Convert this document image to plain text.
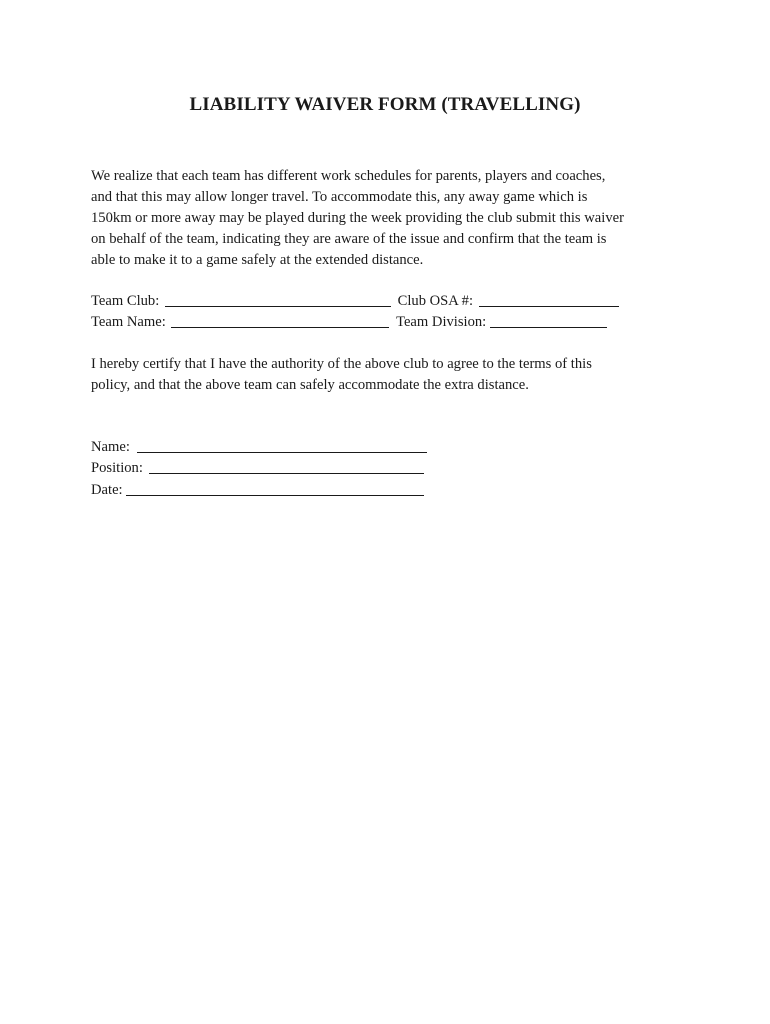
LIABILITY WAIVER FORM (TRAVELLING)

We realize that each team has different work schedules for parents, players and coaches,
and that this may allow longer travel. To accommodate this, any away game which is
150km or more away may be played during the week providing the club submit this waiver
on behalf of the team, indicating they are aware of the issue and confirm that the team is
able to make it to a game safely at the extended distance.

Team Club:	Club OSA #:
Team Name:	Team Division:

I hereby certify that I have the authority of the above club to agree to the terms of this
policy, and that the above team can safely accommodate the extra distance.

Name:
Position:
Date:
